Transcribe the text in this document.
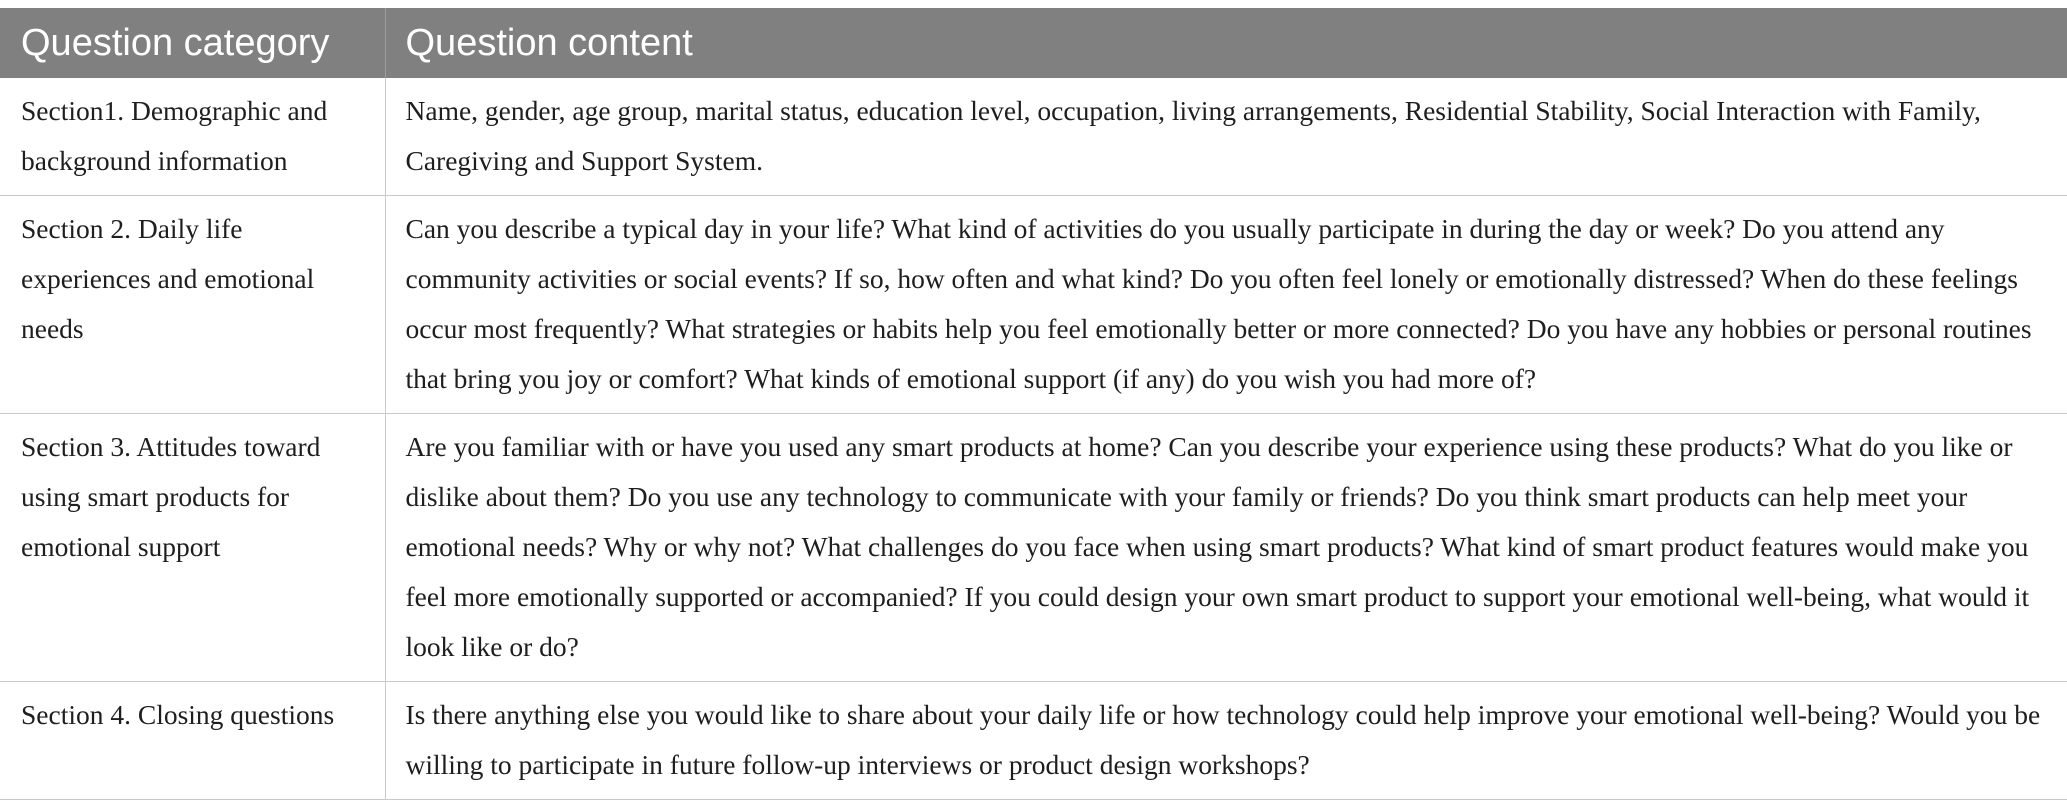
Question category	Question content
Section1. Demographic and background information	Name, gender, age group, marital status, education level, occupation, living arrangements, Residential Stability, Social Interaction with Family, Caregiving and Support System.
Section 2. Daily life experiences and emotional needs	Can you describe a typical day in your life? What kind of activities do you usually participate in during the day or week? Do you attend any community activities or social events? If so, how often and what kind? Do you often feel lonely or emotionally distressed? When do these feelings occur most frequently? What strategies or habits help you feel emotionally better or more connected? Do you have any hobbies or personal routines that bring you joy or comfort? What kinds of emotional support (if any) do you wish you had more of?
Section 3. Attitudes toward using smart products for emotional support	Are you familiar with or have you used any smart products at home? Can you describe your experience using these products? What do you like or dislike about them? Do you use any technology to communicate with your family or friends? Do you think smart products can help meet your emotional needs? Why or why not? What challenges do you face when using smart products? What kind of smart product features would make you feel more emotionally supported or accompanied? If you could design your own smart product to support your emotional well-being, what would it look like or do?
Section 4. Closing questions	Is there anything else you would like to share about your daily life or how technology could help improve your emotional well-being? Would you be willing to participate in future follow-up interviews or product design workshops?
